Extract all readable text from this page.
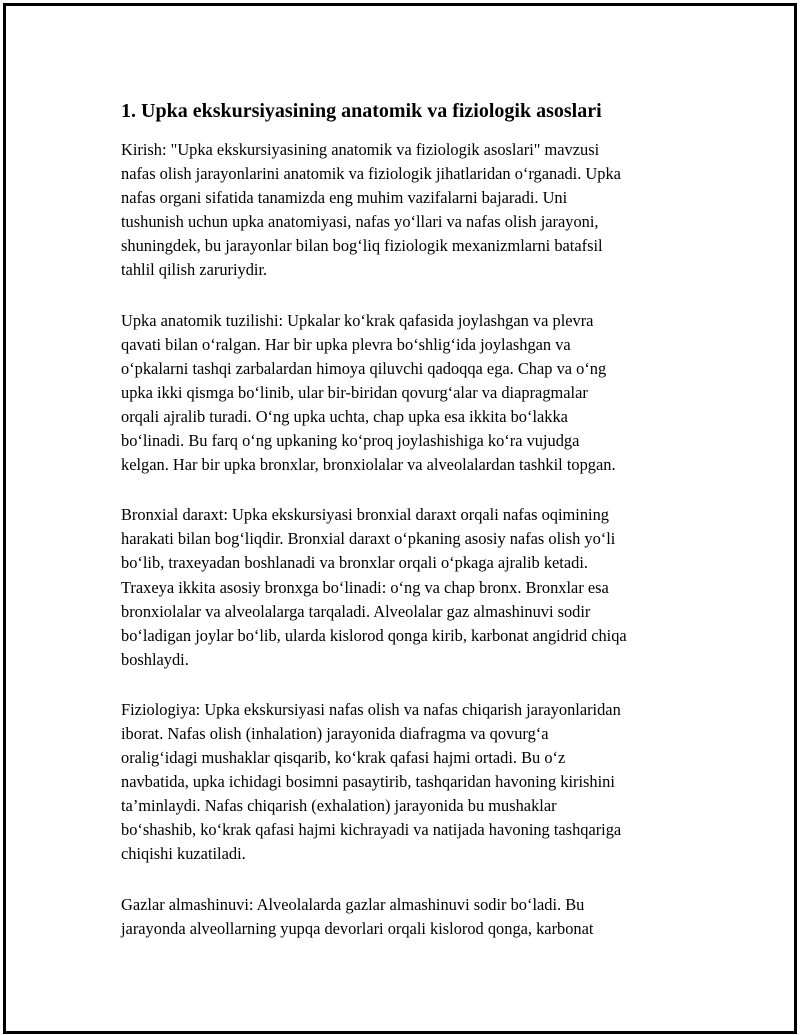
1. Upka ekskursiyasining anatomik va fiziologik asoslari
Kirish: "Upka ekskursiyasining anatomik va fiziologik asoslari" mavzusi
nafas olish jarayonlarini anatomik va fiziologik jihatlaridan o‘rganadi. Upka
nafas organi sifatida tanamizda eng muhim vazifalarni bajaradi. Uni
tushunish uchun upka anatomiyasi, nafas yo‘llari va nafas olish jarayoni,
shuningdek, bu jarayonlar bilan bog‘liq fiziologik mexanizmlarni batafsil
tahlil qilish zaruriydir.
Upka anatomik tuzilishi: Upkalar ko‘krak qafasida joylashgan va plevra
qavati bilan o‘ralgan. Har bir upka plevra bo‘shlig‘ida joylashgan va
o‘pkalarni tashqi zarbalardan himoya qiluvchi qadoqqa ega. Chap va o‘ng
upka ikki qismga bo‘linib, ular bir-biridan qovurg‘alar va diapragmalar
orqali ajralib turadi. O‘ng upka uchta, chap upka esa ikkita bo‘lakka
bo‘linadi. Bu farq o‘ng upkaning ko‘proq joylashishiga ko‘ra vujudga
kelgan. Har bir upka bronxlar, bronxiolalar va alveolalardan tashkil topgan.
Bronxial daraxt: Upka ekskursiyasi bronxial daraxt orqali nafas oqimining
harakati bilan bog‘liqdir. Bronxial daraxt o‘pkaning asosiy nafas olish yo‘li
bo‘lib, traxeyadan boshlanadi va bronxlar orqali o‘pkaga ajralib ketadi.
Traxeya ikkita asosiy bronxga bo‘linadi: o‘ng va chap bronx. Bronxlar esa
bronxiolalar va alveolalarga tarqaladi. Alveolalar gaz almashinuvi sodir
bo‘ladigan joylar bo‘lib, ularda kislorod qonga kirib, karbonat angidrid chiqa
boshlaydi.
Fiziologiya: Upka ekskursiyasi nafas olish va nafas chiqarish jarayonlaridan
iborat. Nafas olish (inhalation) jarayonida diafragma va qovurg‘a
oralig‘idagi mushaklar qisqarib, ko‘krak qafasi hajmi ortadi. Bu o‘z
navbatida, upka ichidagi bosimni pasaytirib, tashqaridan havoning kirishini
ta’minlaydi. Nafas chiqarish (exhalation) jarayonida bu mushaklar
bo‘shashib, ko‘krak qafasi hajmi kichrayadi va natijada havoning tashqariga
chiqishi kuzatiladi.
Gazlar almashinuvi: Alveolalarda gazlar almashinuvi sodir bo‘ladi. Bu
jarayonda alveollarning yupqa devorlari orqali kislorod qonga, karbonat
